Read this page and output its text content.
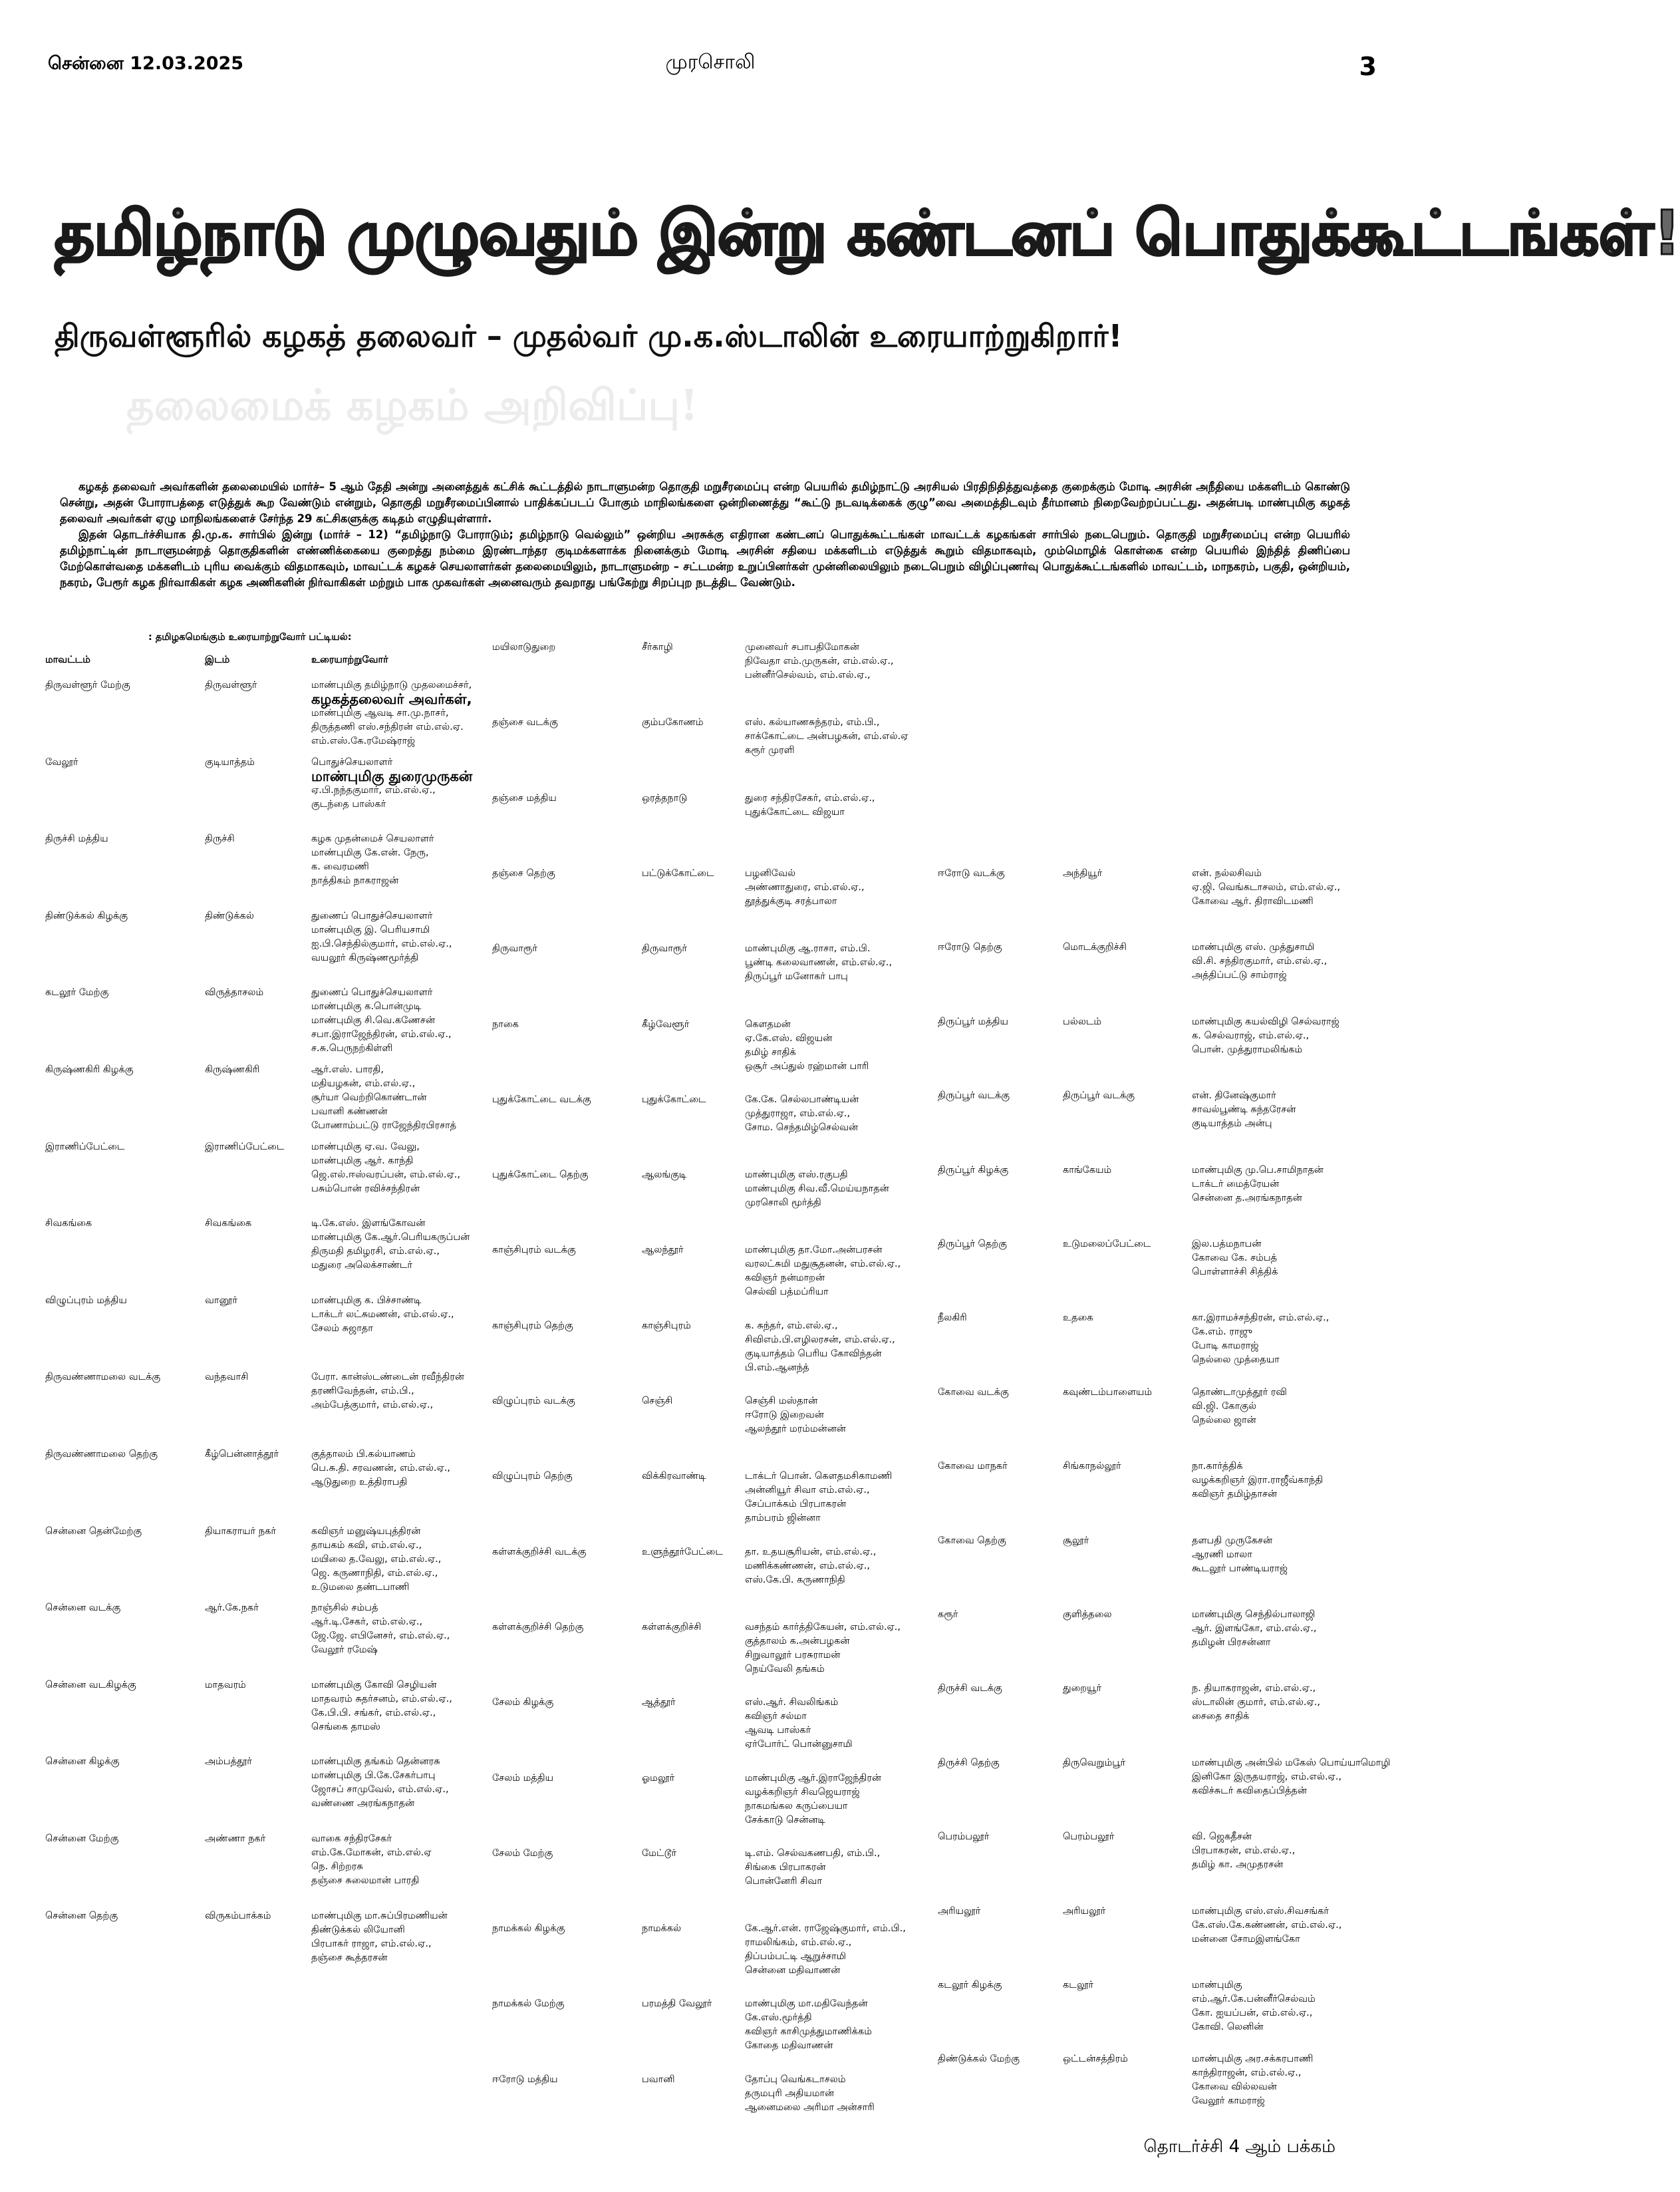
சென்னை 12.03.2025	முரசொலி	3
தமிழ்நாடு முழுவதும் இன்று கண்டனப் பொதுக்கூட்டங்கள்!
திருவள்ளூரில் கழகத் தலைவர் – முதல்வர் மு.க.ஸ்டாலின் உரையாற்றுகிறார்!
தலைமைக் கழகம் அறிவிப்பு!

கழகத் தலைவர் அவர்களின் தலைமையில் மார்ச்– 5 ஆம் தேதி அன்று அனைத்துக் கட்சிக் கூட்டத்தில் நாடாளுமன்ற தொகுதி மறுசீரமைப்பு என்ற பெயரில் தமிழ்நாட்டு அரசியல் பிரதிநிதித்துவத்தை குறைக்கும் மோடி அரசின் அநீதியை மக்களிடம் கொண்டு சென்று, அதன் போராபத்தை எடுத்துக் கூற வேண்டும் என்றும், தொகுதி மறுசீரமைப்பினால் பாதிக்கப்படப் போகும் மாநிலங்களை ஒன்றிணைத்து “கூட்டு நடவடிக்கைக் குழு”வை அமைத்திடவும் தீர்மானம் நிறைவேற்றப்பட்டது. அதன்படி மாண்புமிகு கழகத் தலைவர் அவர்கள் ஏழு மாநிலங்களைச் சேர்ந்த 29 கட்சிகளுக்கு கடிதம் எழுதியுள்ளார்.

இதன் தொடர்ச்சியாக தி.மு.க. சார்பில் இன்று (மார்ச் – 12) “தமிழ்நாடு போராடும்; தமிழ்நாடு வெல்லும்” ஒன்றிய அரசுக்கு எதிரான கண்டனப் பொதுக்கூட்டங்கள் மாவட்டக் கழகங்கள் சார்பில் நடைபெறும். தொகுதி மறுசீரமைப்பு என்ற பெயரில் தமிழ்நாட்டின் நாடாளுமன்றத் தொகுதிகளின் எண்ணிக்கையை குறைத்து நம்மை இரண்டாந்தர குடிமக்களாக்க நினைக்கும் மோடி அரசின் சதியை மக்களிடம் எடுத்துக் கூறும் விதமாகவும், மும்மொழிக் கொள்கை என்ற பெயரில் இந்தித் திணிப்பை மேற்கொள்வதை மக்களிடம் புரிய வைக்கும் விதமாகவும், மாவட்டக் கழகச் செயலாளர்கள் தலைமையிலும், நாடாளுமன்ற – சட்டமன்ற உறுப்பினர்கள் முன்னிலையிலும் நடைபெறும் விழிப்புணர்வு பொதுக்கூட்டங்களில் மாவட்டம், மாநகரம், பகுதி, ஒன்றியம், நகரம், பேரூர் கழக நிர்வாகிகள் கழக அணிகளின் நிர்வாகிகள் மற்றும் பாக முகவர்கள் அனைவரும் தவறாது பங்கேற்று சிறப்புற நடத்திட வேண்டும்.

: தமிழகமெங்கும் உரையாற்றுவோர் பட்டியல்:
மாவட்டம்	இடம்	உரையாற்றுவோர்
திருவள்ளூர் மேற்கு	திருவள்ளூர்	மாண்புமிகு தமிழ்நாடு முதலமைச்சர்,
கழகத்தலைவர் அவர்கள்,
மாண்புமிகு ஆவடி சா.மு.நாசர்,
திருத்தணி எஸ்.சந்திரன் எம்.எல்.ஏ.
எம்.எஸ்.கே.ரமேஷ்ராஜ்
வேலூர்	குடியாத்தம்	பொதுச்செயலாளர்
மாண்புமிகு துரைமுருகன்
ஏ.பி.நந்தகுமார், எம்.எல்.ஏ.,
குடந்தை பாஸ்கர்
திருச்சி மத்திய	திருச்சி	கழக முதன்மைச் செயலாளர்
மாண்புமிகு கே.என். நேரு,
க. வைரமணி
நாத்திகம் நாகராஜன்
திண்டுக்கல் கிழக்கு	திண்டுக்கல்	துணைப் பொதுச்செயலாளர்
மாண்புமிகு இ. பெரியசாமி
ஐ.பி.செந்தில்குமார், எம்.எல்.ஏ.,
வயலூர் கிருஷ்ணமூர்த்தி
கடலூர் மேற்கு	விருத்தாசலம்	துணைப் பொதுச்செயலாளர்
மாண்புமிகு க.பொன்முடி
மாண்புமிகு சி.வெ.கணேசன்
சபா.இராஜேந்திரன், எம்.எல்.ஏ.,
ச.சு.பெருநற்கிள்ளி
கிருஷ்ணகிரி கிழக்கு	கிருஷ்ணகிரி	ஆர்.எஸ். பாரதி,
மதியழகன், எம்.எல்.ஏ.,
சூர்யா வெற்றிகொண்டான்
பவானி கண்ணன்
போணாம்பட்டு ராஜேந்திரபிரசாத்
இராணிப்பேட்டை	இராணிப்பேட்டை	மாண்புமிகு ஏ.வ. வேலு,
மாண்புமிகு ஆர். காந்தி
ஜெ.எல்.ஈஸ்வரப்பன், எம்.எல்.ஏ.,
பசும்பொன் ரவிச்சந்திரன்
சிவகங்கை	சிவகங்கை	டி.கே.எஸ். இளங்கோவன்
மாண்புமிகு கே.ஆர்.பெரியகருப்பன்
திருமதி தமிழரசி, எம்.எல்.ஏ.,
மதுரை அலெக்சாண்டர்
விழுப்புரம் மத்திய	வானூர்	மாண்புமிகு க. பிச்சாண்டி
டாக்டர் லட்சுமணன், எம்.எல்.ஏ.,
சேலம் சுஜாதா
திருவண்ணாமலை வடக்கு	வந்தவாசி	பேரா. கான்ஸ்டண்டைன் ரவீந்திரன்
தரணிவேந்தன், எம்.பி.,
அம்பேத்குமார், எம்.எல்.ஏ.,
திருவண்ணாமலை தெற்கு	கீழ்பென்னாத்தூர்	குத்தாலம் பி.கல்யாணம்
பெ.சு.தி. சரவணன், எம்.எல்.ஏ.,
ஆடுதுறை உத்திராபதி
சென்னை தென்மேற்கு	தியாகராயர் நகர்	கவிஞர் மனுஷ்யபுத்திரன்
தாயகம் கவி, எம்.எல்.ஏ.,
மயிலை த.வேலு, எம்.எல்.ஏ.,
ஜெ. கருணாநிதி, எம்.எல்.ஏ.,
உடுமலை தண்டபாணி
சென்னை வடக்கு	ஆர்.கே.நகர்	நாஞ்சில் சம்பத்
ஆர்.டி.சேகர், எம்.எல்.ஏ.,
ஜே.ஜே. எபினேசர், எம்.எல்.ஏ.,
வேலூர் ரமேஷ்
சென்னை வடகிழக்கு	மாதவரம்	மாண்புமிகு கோவி செழியன்
மாதவரம் சுதர்சனம், எம்.எல்.ஏ.,
கே.பி.பி. சங்கர், எம்.எல்.ஏ.,
செங்கை தாமஸ்
சென்னை கிழக்கு	அம்பத்தூர்	மாண்புமிகு தங்கம் தென்னரசு
மாண்புமிகு பி.கே.சேகர்பாபு
ஜோசப் சாமுவேல், எம்.எல்.ஏ.,
வண்ணை அரங்கநாதன்
சென்னை மேற்கு	அண்ணா நகர்	வாகை சந்திரசேகர்
எம்.கே.மோகன், எம்.எல்.ஏ
நெ. சிற்றரசு
தஞ்சை சுலைமான் பாரதி
சென்னை தெற்கு	விருகம்பாக்கம்	மாண்புமிகு மா.சுப்பிரமணியன்
திண்டுக்கல் லியோனி
பிரபாகர் ராஜா, எம்.எல்.ஏ.,
தஞ்சை கூத்தரசன்
மயிலாடுதுறை	சீர்காழி	முனைவர் சபாபதிமோகன்
நிவேதா எம்.முருகன், எம்.எல்.ஏ.,
பன்னீர்செல்வம், எம்.எல்.ஏ.,
தஞ்சை வடக்கு	கும்பகோணம்	எஸ். கல்யாணசுந்தரம், எம்.பி.,
சாக்கோட்டை அன்பழகன், எம்.எல்.ஏ
கரூர் முரளி
தஞ்சை மத்திய	ஒரத்தநாடு	துரை சந்திரசேகர், எம்.எல்.ஏ.,
புதுக்கோட்டை விஜயா
தஞ்சை தெற்கு	பட்டுக்கோட்டை	பழனிவேல்
அண்ணாதுரை, எம்.எல்.ஏ.,
தூத்துக்குடி சரத்பாலா
திருவாரூர்	திருவாரூர்	மாண்புமிகு ஆ.ராசா, எம்.பி.
பூண்டி கலைவாணன், எம்.எல்.ஏ.,
திருப்பூர் மனோகர் பாபு
நாகை	கீழ்வேளூர்	கௌதமன்
ஏ.கே.எஸ். விஜயன்
தமிழ் சாதிக்
ஒசூர் அப்துல் ரஹ்மான் பாரி
புதுக்கோட்டை வடக்கு	புதுக்கோட்டை	கே.கே. செல்லபாண்டியன்
முத்துராஜா, எம்.எல்.ஏ.,
சோம. செந்தமிழ்செல்வன்
புதுக்கோட்டை தெற்கு	ஆலங்குடி	மாண்புமிகு எஸ்.ரகுபதி
மாண்புமிகு சிவ.வீ.மெய்யநாதன்
முரசொலி மூர்த்தி
காஞ்சிபுரம் வடக்கு	ஆலந்தூர்	மாண்புமிகு தா.மோ.அன்பரசன்
வரலட்சுமி மதுசூதனன், எம்.எல்.ஏ.,
கவிஞர் நன்மாறன்
செல்வி பத்மப்ரியா
காஞ்சிபுரம் தெற்கு	காஞ்சிபுரம்	க. சுந்தர், எம்.எல்.ஏ.,
சிவிஎம்.பி.எழிலரசன், எம்.எல்.ஏ.,
குடியாத்தம் பெரிய கோவிந்தன்
பி.எம்.ஆனந்த்
விழுப்புரம் வடக்கு	செஞ்சி	செஞ்சி மஸ்தான்
ஈரோடு இறைவன்
ஆலந்தூர் மரம்மன்னன்
விழுப்புரம் தெற்கு	விக்கிரவாண்டி	டாக்டர் பொன். கௌதமசிகாமணி
அன்னியூர் சிவா எம்.எல்.ஏ.,
சேப்பாக்கம் பிரபாகரன்
தாம்பரம் ஜின்னா
கள்ளக்குறிச்சி வடக்கு	உளுந்தூர்பேட்டை	தா. உதயசூரியன், எம்.எல்.ஏ.,
மணிக்கண்ணன், எம்.எல்.ஏ.,
எஸ்.கே.பி. கருணாநிதி
கள்ளக்குறிச்சி தெற்கு	கள்ளக்குறிச்சி	வசந்தம் கார்த்திகேயன், எம்.எல்.ஏ.,
குத்தாலம் க.அன்பழகன்
சிறுவாலூர் பரசுராமன்
நெய்வேலி தங்கம்
சேலம் கிழக்கு	ஆத்தூர்	எஸ்.ஆர். சிவலிங்கம்
கவிஞர் சல்மா
ஆவடி பாஸ்கர்
ஏர்போர்ட் பொன்னுசாமி
சேலம் மத்திய	ஓமலூர்	மாண்புமிகு ஆர்.இராஜேந்திரன்
வழக்கறிஞர் சிவஜெயராஜ்
நாகமங்கல கருப்பையா
சேக்காடு சென்னடி
சேலம் மேற்கு	மேட்டூர்	டி.எம். செல்வகணபதி, எம்.பி.,
சிங்கை பிரபாகரன்
பொன்னேரி சிவா
நாமக்கல் கிழக்கு	நாமக்கல்	கே.ஆர்.என். ராஜேஷ்குமார், எம்.பி.,
ராமலிங்கம், எம்.எல்.ஏ.,
திப்பம்பட்டி ஆறுச்சாமி
சென்னை மதிவாணன்
நாமக்கல் மேற்கு	பரமத்தி வேலூர்	மாண்புமிகு மா.மதிவேந்தன்
கே.எஸ்.மூர்த்தி
கவிஞர் காசிமுத்துமாணிக்கம்
கோதை மதிவாணன்
ஈரோடு மத்திய	பவானி	தோப்பு வெங்கடாசலம்
தருமபுரி அதியமான்
ஆனைமலை அரிமா அன்சாரி
ஈரோடு வடக்கு	அந்தியூர்	என். நல்லசிவம்
ஏ.ஜி. வெங்கடாசலம், எம்.எல்.ஏ.,
கோவை ஆர். திராவிடமணி
ஈரோடு தெற்கு	மொடக்குறிச்சி	மாண்புமிகு எஸ். முத்துசாமி
வி.சி. சந்திரகுமார், எம்.எல்.ஏ.,
அத்திப்பட்டு சாம்ராஜ்
திருப்பூர் மத்திய	பல்லடம்	மாண்புமிகு கயல்விழி செல்வராஜ்
க. செல்வராஜ், எம்.எல்.ஏ.,
பொன். முத்துராமலிங்கம்
திருப்பூர் வடக்கு	திருப்பூர் வடக்கு	என். தினேஷ்குமார்
சாவல்பூண்டி சுந்தரேசன்
குடியாத்தம் அன்பு
திருப்பூர் கிழக்கு	காங்கேயம்	மாண்புமிகு மு.பெ.சாமிநாதன்
டாக்டர் மைத்ரேயன்
சென்னை த.அரங்கநாதன்
திருப்பூர் தெற்கு	உடுமலைப்பேட்டை	இல.பத்மநாபன்
கோவை கே. சம்பத்
பொள்ளாச்சி சித்திக்
நீலகிரி	உதகை	கா.இராமச்சந்திரன், எம்.எல்.ஏ.,
கே.எம். ராஜு
போடி காமராஜ்
நெல்லை முத்தையா
கோவை வடக்கு	கவுண்டம்பாளையம்	தொண்டாமுத்தூர் ரவி
வி.ஜி. கோகுல்
நெல்லை ஜான்
கோவை மாநகர்	சிங்காநல்லூர்	நா.கார்த்திக்
வழக்கறிஞர் இரா.ராஜீவ்காந்தி
கவிஞர் தமிழ்தாசன்
கோவை தெற்கு	சூலூர்	தளபதி முருகேசன்
ஆரணி மாலா
கூடலூர் பாண்டியராஜ்
கரூர்	குளித்தலை	மாண்புமிகு செந்தில்பாலாஜி
ஆர். இளங்கோ, எம்.எல்.ஏ.,
தமிழன் பிரசன்னா
திருச்சி வடக்கு	துறையூர்	ந. தியாகராஜன், எம்.எல்.ஏ.,
ஸ்டாலின் குமார், எம்.எல்.ஏ.,
சைதை சாதிக்
திருச்சி தெற்கு	திருவெறும்பூர்	மாண்புமிகு அன்பில் மகேஸ் பொய்யாமொழி
இனிகோ இருதயராஜ், எம்.எல்.ஏ.,
கவிச்சுடர் கவிதைப்பித்தன்
பெரம்பலூர்	பெரம்பலூர்	வி. ஜெகதீசன்
பிரபாகரன், எம்.எல்.ஏ.,
தமிழ் கா. அமுதரசன்
அரியலூர்	அரியலூர்	மாண்புமிகு எஸ்.எஸ்.சிவசங்கர்
கே.எஸ்.கே.கண்ணன், எம்.எல்.ஏ.,
மன்னை சோமஇளங்கோ
கடலூர் கிழக்கு	கடலூர்	மாண்புமிகு
எம்.ஆர்.கே.பன்னீர்செல்வம்
கோ. ஐயப்பன், எம்.எல்.ஏ.,
கோவி. லெனின்
திண்டுக்கல் மேற்கு	ஒட்டன்சத்திரம்	மாண்புமிகு அர.சக்கரபாணி
காந்திராஜன், எம்.எல்.ஏ.,
கோவை வில்லவன்
வேலூர் காமராஜ்
தொடர்ச்சி 4 ஆம் பக்கம்
